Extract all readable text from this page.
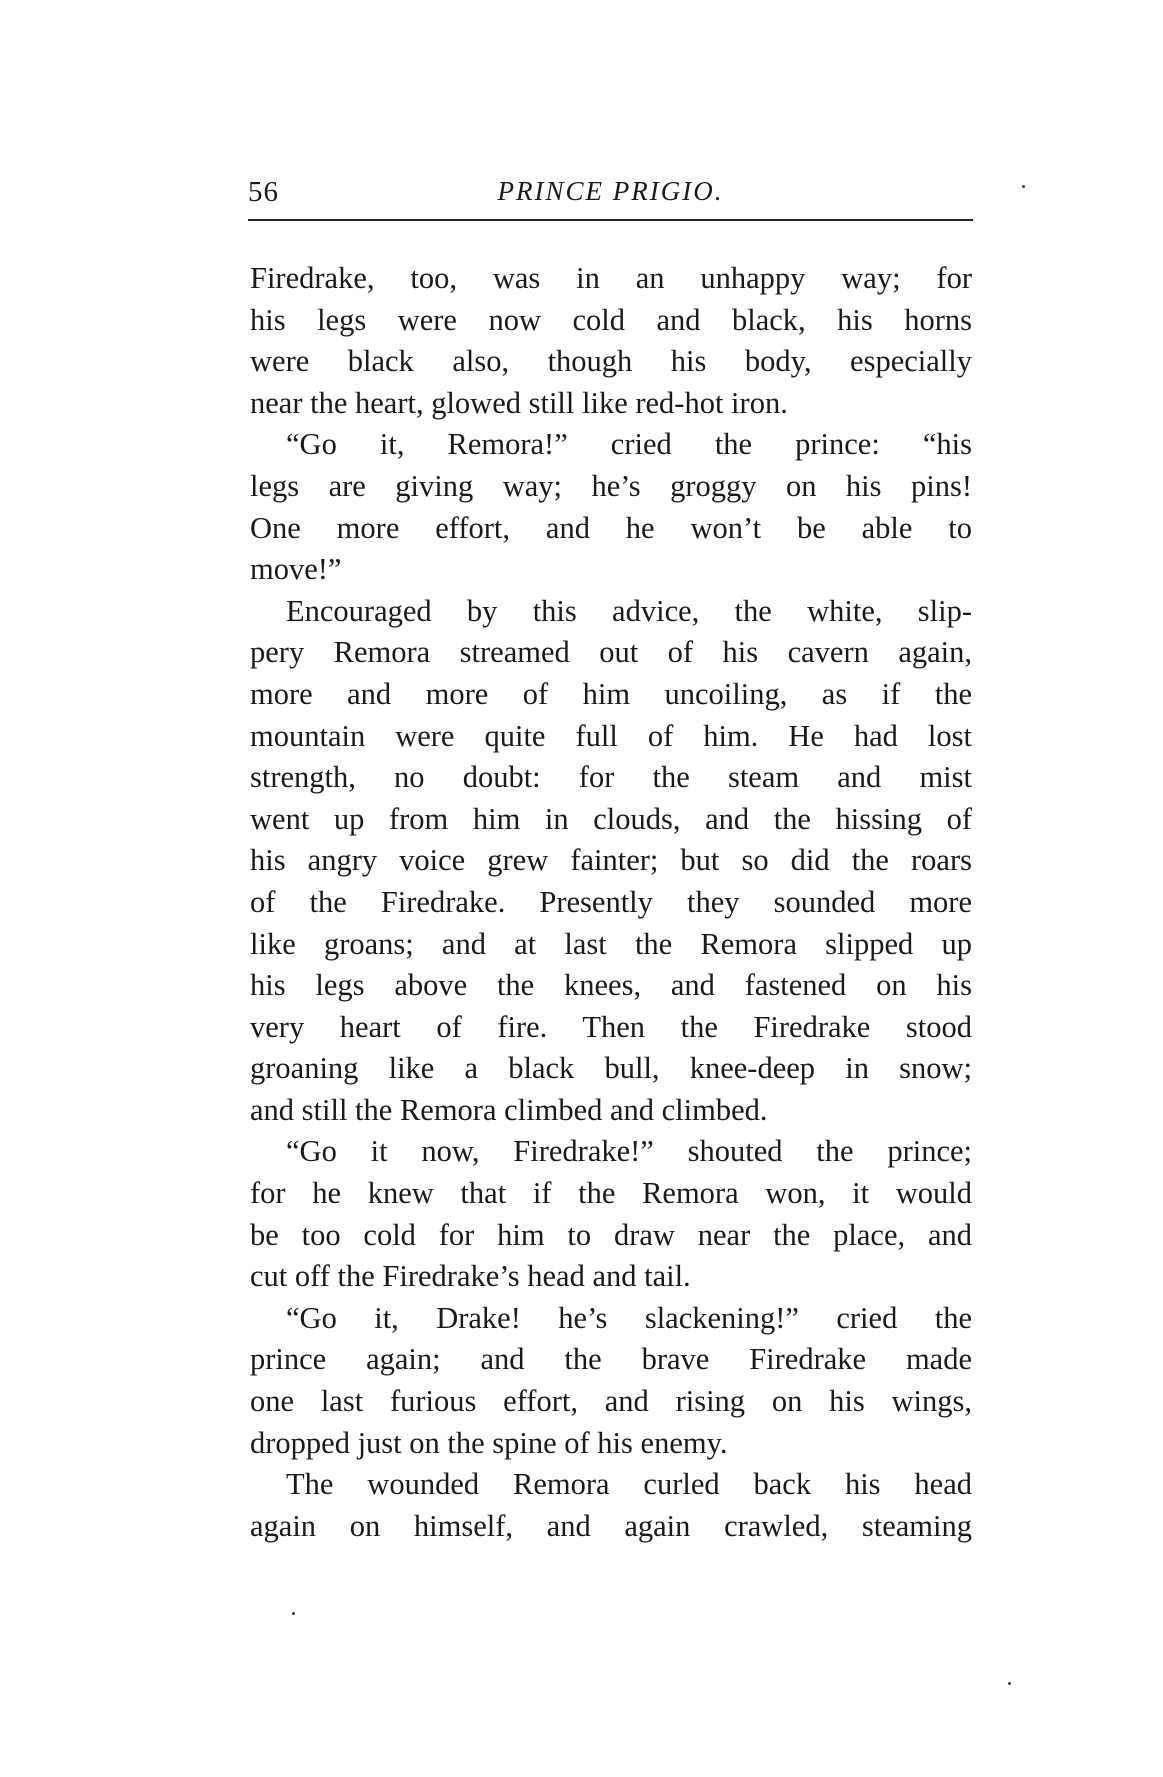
56	PRINCE PRIGIO.

Firedrake, too, was in an unhappy way; for

his legs were now cold and black, his horns

were black also, though his body, especially

near the heart, glowed still like red-hot iron.

“Go it, Remora!” cried the prince: “his

legs are giving way; he’s groggy on his pins!

One more effort, and he won’t be able to

move!”

Encouraged by this advice, the white, slip-

pery Remora streamed out of his cavern again,

more and more of him uncoiling, as if the

mountain were quite full of him. He had lost

strength, no doubt: for the steam and mist

went up from him in clouds, and the hissing of

his angry voice grew fainter; but so did the roars

of the Firedrake. Presently they sounded more

like groans; and at last the Remora slipped up

his legs above the knees, and fastened on his

very heart of fire. Then the Firedrake stood

groaning like a black bull, knee-deep in snow;

and still the Remora climbed and climbed.

“Go it now, Firedrake!” shouted the prince;

for he knew that if the Remora won, it would

be too cold for him to draw near the place, and

cut off the Firedrake’s head and tail.

“Go it, Drake! he’s slackening!” cried the

prince again; and the brave Firedrake made

one last furious effort, and rising on his wings,

dropped just on the spine of his enemy.

The wounded Remora curled back his head

again on himself, and again crawled, steaming
